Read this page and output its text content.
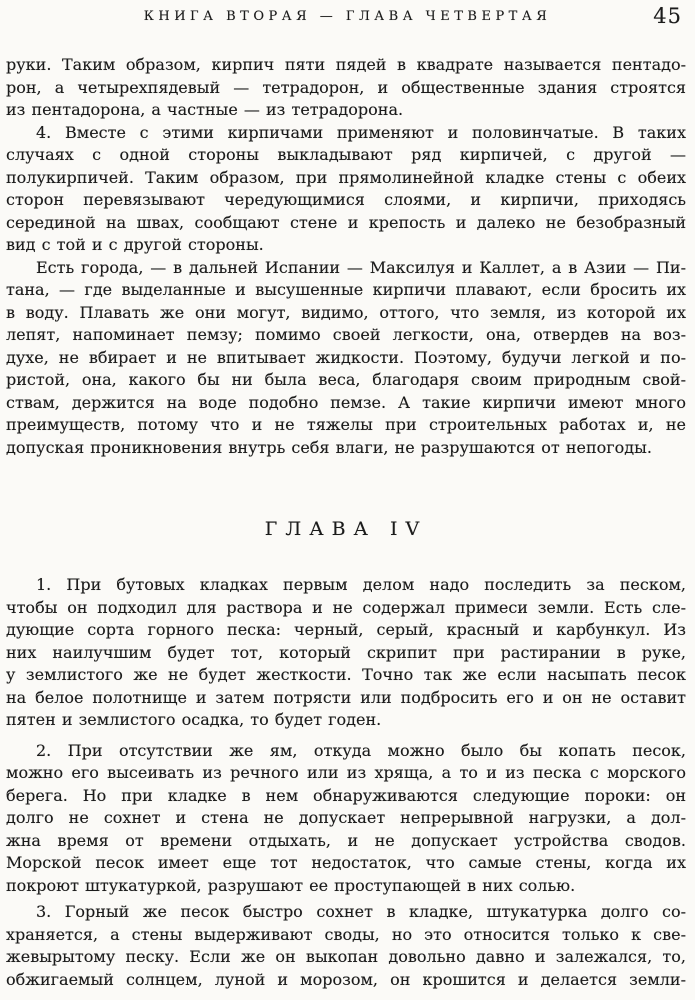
КНИГА ВТОРАЯ — ГЛАВА ЧЕТВЕРТАЯ	45
руки. Таким образом, кирпич пяти пядей в квадрате называется пентадо-
рон, а четырехпядевый — тетрадорон, и общественные здания строятся
из пентадорона, а частные — из тетрадорона.
4. Вместе с этими кирпичами применяют и половинчатые. В таких
случаях с одной стороны выкладывают ряд кирпичей, с другой —
полукирпичей. Таким образом, при прямолинейной кладке стены с обеих
сторон перевязывают чередующимися слоями, и кирпичи, приходясь
серединой на швах, сообщают стене и крепость и далеко не безобразный
вид с той и с другой стороны.
Есть города, — в дальней Испании — Максилуя и Каллет, а в Азии — Пи-
тана, — где выделанные и высушенные кирпичи плавают, если бросить их
в воду. Плавать же они могут, видимо, оттого, что земля, из которой их
лепят, напоминает пемзу; помимо своей легкости, она, отвердев на воз-
духе, не вбирает и не впитывает жидкости. Поэтому, будучи легкой и по-
ристой, она, какого бы ни была веса, благодаря своим природным свой-
ствам, держится на воде подобно пемзе. А такие кирпичи имеют много
преимуществ, потому что и не тяжелы при строительных работах и, не
допуская проникновения внутрь себя влаги, не разрушаются от непогоды.
ГЛАВА IV
1. При бутовых кладках первым делом надо последить за песком,
чтобы он подходил для раствора и не содержал примеси земли. Есть сле-
дующие сорта горного песка: черный, серый, красный и карбункул. Из
них наилучшим будет тот, который скрипит при растирании в руке,
у землистого же не будет жесткости. Точно так же если насыпать песок
на белое полотнище и затем потрясти или подбросить его и он не оставит
пятен и землистого осадка, то будет годен.
2. При отсутствии же ям, откуда можно было бы копать песок,
можно его высеивать из речного или из хряща, а то и из песка с морского
берега. Но при кладке в нем обнаруживаются следующие пороки: он
долго не сохнет и стена не допускает непрерывной нагрузки, а дол-
жна время от времени отдыхать, и не допускает устройства сводов.
Морской песок имеет еще тот недостаток, что самые стены, когда их
покроют штукатуркой, разрушают ее проступающей в них солью.
3. Горный же песок быстро сохнет в кладке, штукатурка долго со-
храняется, а стены выдерживают своды, но это относится только к све-
жевырытому песку. Если же он выкопан довольно давно и залежался, то,
обжигаемый солнцем, луной и морозом, он крошится и делается земли-
